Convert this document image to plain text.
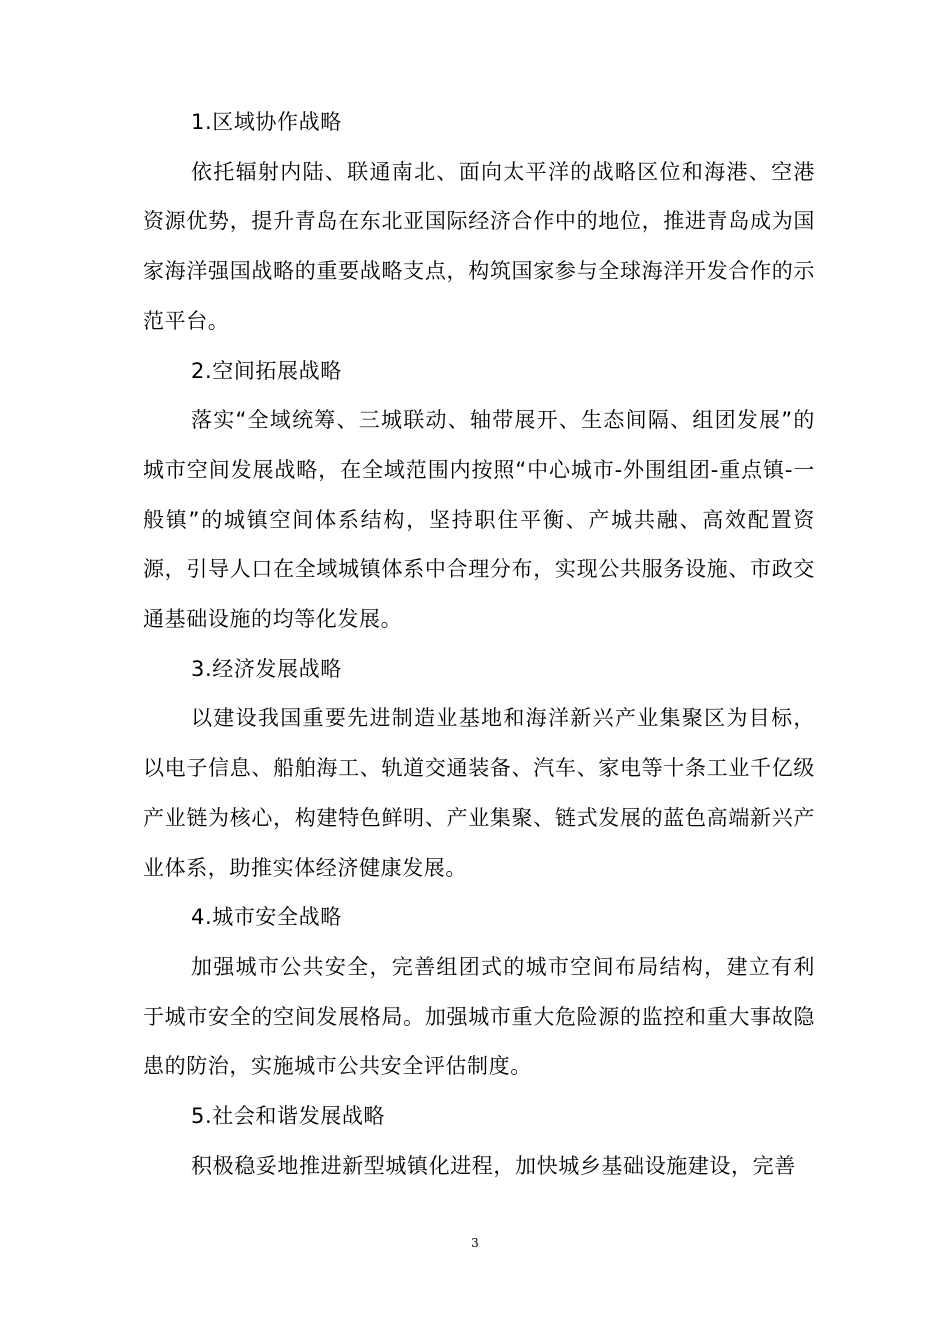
1.区域协作战略

依托辐射内陆、联通南北、面向太平洋的战略区位和海港、空港资源优势，提升青岛在东北亚国际经济合作中的地位，推进青岛成为国家海洋强国战略的重要战略支点，构筑国家参与全球海洋开发合作的示范平台。

2.空间拓展战略

落实“全域统筹、三城联动、轴带展开、生态间隔、组团发展”的城市空间发展战略，在全域范围内按照“中心城市-外围组团-重点镇-一般镇”的城镇空间体系结构，坚持职住平衡、产城共融、高效配置资源，引导人口在全域城镇体系中合理分布，实现公共服务设施、市政交通基础设施的均等化发展。

3.经济发展战略

以建设我国重要先进制造业基地和海洋新兴产业集聚区为目标，以电子信息、船舶海工、轨道交通装备、汽车、家电等十条工业千亿级产业链为核心，构建特色鲜明、产业集聚、链式发展的蓝色高端新兴产业体系，助推实体经济健康发展。

4.城市安全战略

加强城市公共安全，完善组团式的城市空间布局结构，建立有利于城市安全的空间发展格局。加强城市重大危险源的监控和重大事故隐患的防治，实施城市公共安全评估制度。

5.社会和谐发展战略

积极稳妥地推进新型城镇化进程，加快城乡基础设施建设，完善

3
